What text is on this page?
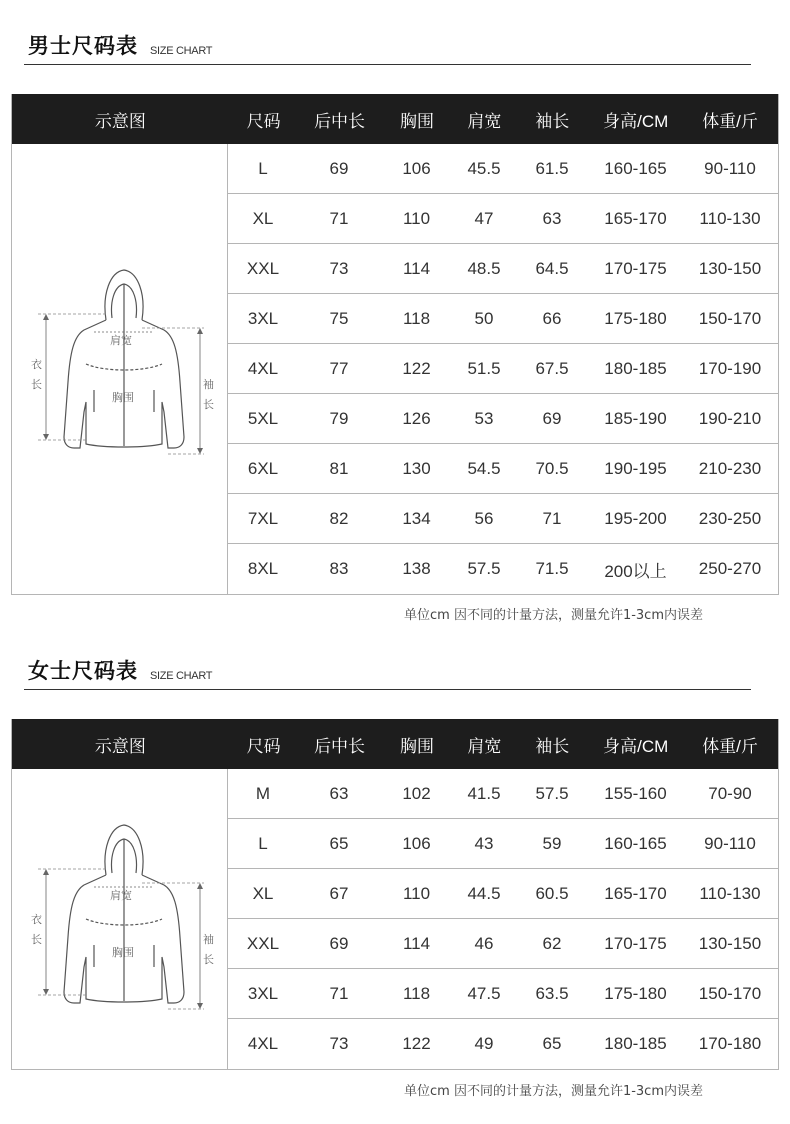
男士尺码表 SIZE CHART
示意图	尺码	后中长	胸围	肩宽	袖长	身高/CM	体重/斤
肩宽
胸围
衣
长	袖
长
L	69	106	45.5	61.5	160-165	90-110
XL	71	110	47	63	165-170	110-130
XXL	73	114	48.5	64.5	170-175	130-150
3XL	75	118	50	66	175-180	150-170
4XL	77	122	51.5	67.5	180-185	170-190
5XL	79	126	53	69	185-190	190-210
6XL	81	130	54.5	70.5	190-195	210-230
7XL	82	134	56	71	195-200	230-250
8XL	83	138	57.5	71.5	200以上	250-270
单位cm 因不同的计量方法，测量允许1-3cm内误差
女士尺码表 SIZE CHART
示意图	尺码	后中长	胸围	肩宽	袖长	身高/CM	体重/斤
肩宽
胸围
衣
长	袖
长
M	63	102	41.5	57.5	155-160	70-90
L	65	106	43	59	160-165	90-110
XL	67	110	44.5	60.5	165-170	110-130
XXL	69	114	46	62	170-175	130-150
3XL	71	118	47.5	63.5	175-180	150-170
4XL	73	122	49	65	180-185	170-180
单位cm 因不同的计量方法，测量允许1-3cm内误差
